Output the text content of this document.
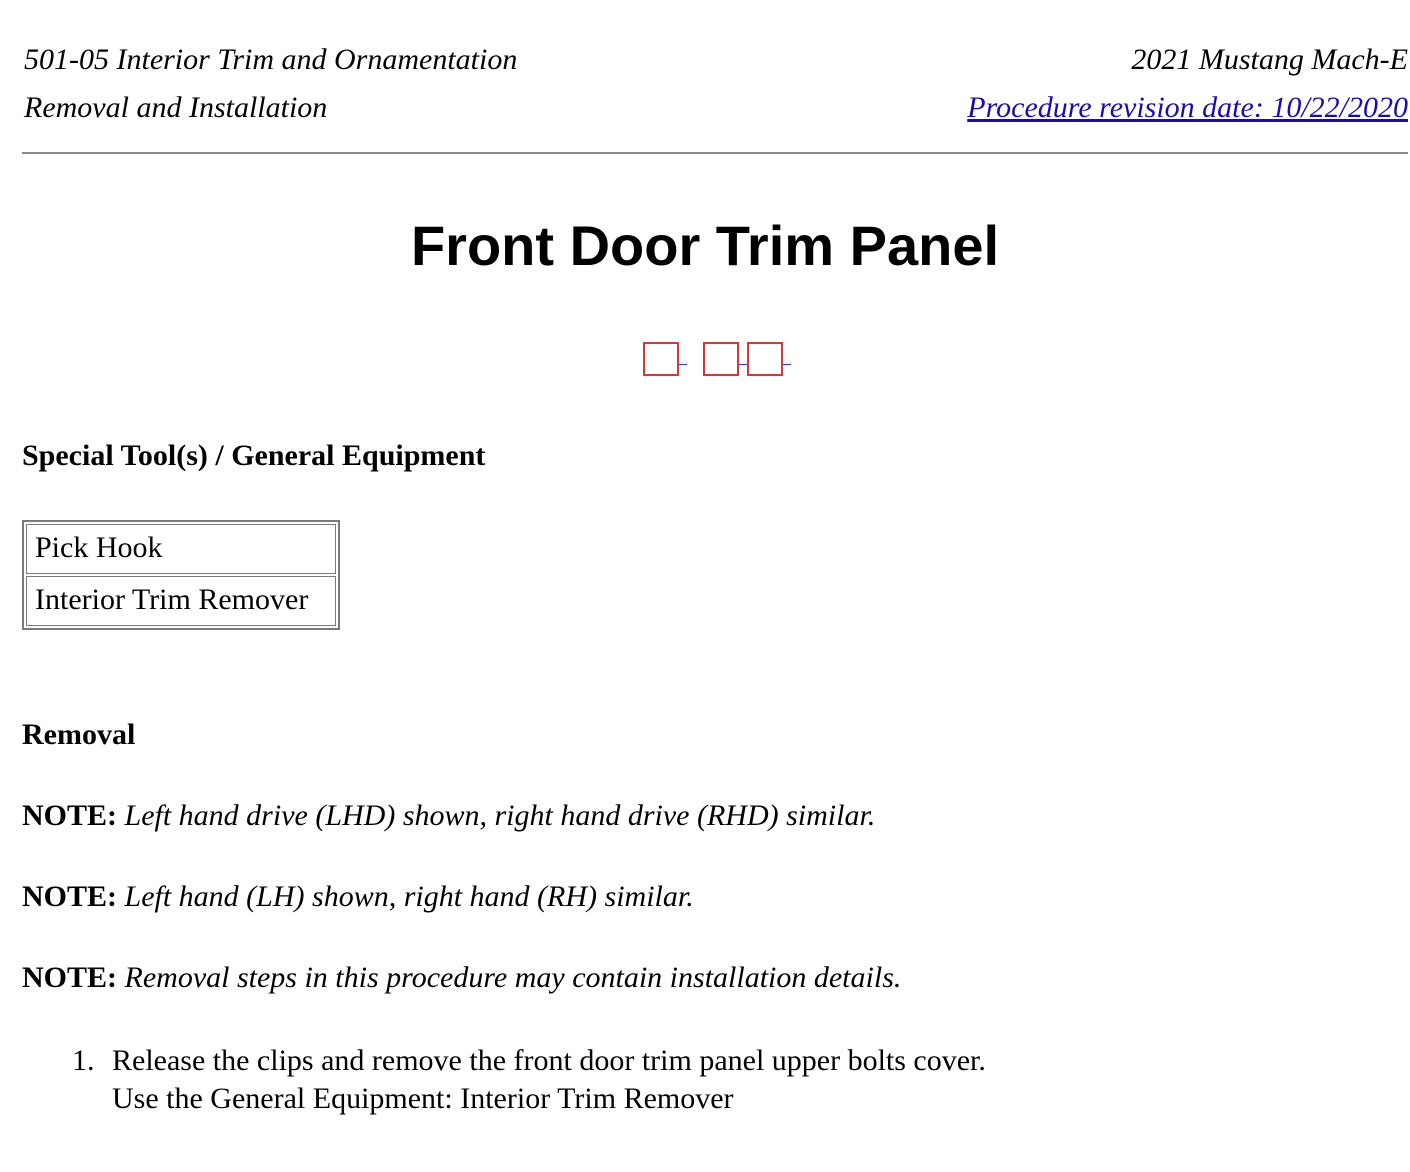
501-05 Interior Trim and Ornamentation	2021 Mustang Mach-E
Removal and Installation	Procedure revision date: 10/22/2020
Front Door Trim Panel
Special Tool(s) / General Equipment
Pick Hook
Interior Trim Remover
Removal

NOTE: Left hand drive (LHD) shown, right hand drive (RHD) similar.

NOTE: Left hand (LH) shown, right hand (RH) similar.

NOTE: Removal steps in this procedure may contain installation details.

1. Release the clips and remove the front door trim panel upper bolts cover.
Use the General Equipment: Interior Trim Remover
